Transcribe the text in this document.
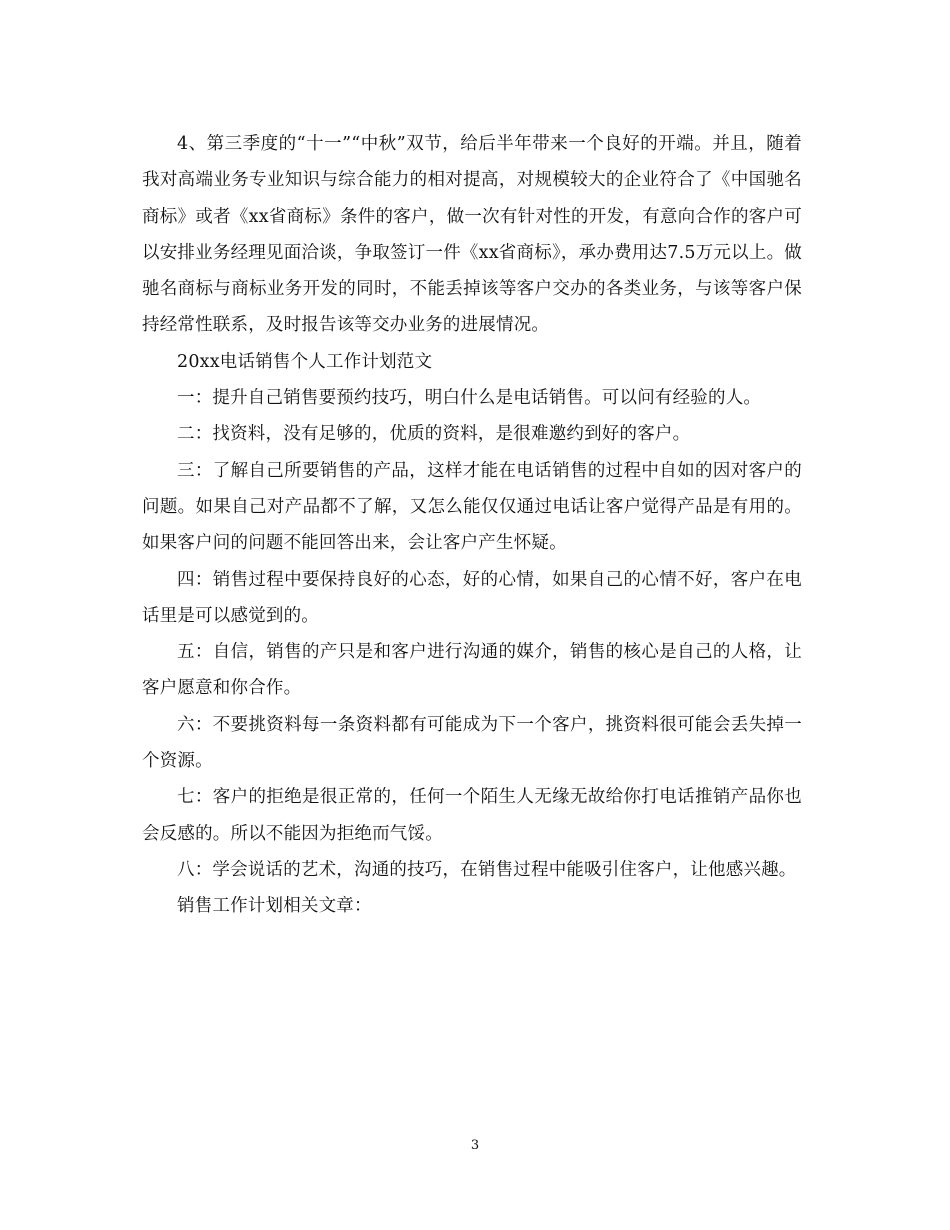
4、第三季度的“十一”“中秋”双节，给后半年带来一个良好的开端。并且，随着我对高端业务专业知识与综合能力的相对提高，对规模较大的企业符合了《中国驰名商标》或者《xx省商标》条件的客户，做一次有针对性的开发，有意向合作的客户可以安排业务经理见面洽谈，争取签订一件《xx省商标》，承办费用达7.5万元以上。做驰名商标与商标业务开发的同时，不能丢掉该等客户交办的各类业务，与该等客户保持经常性联系，及时报告该等交办业务的进展情况。

20xx电话销售个人工作计划范文

一：提升自己销售要预约技巧，明白什么是电话销售。可以问有经验的人。

二：找资料，没有足够的，优质的资料，是很难邀约到好的客户。

三：了解自己所要销售的产品，这样才能在电话销售的过程中自如的因对客户的问题。如果自己对产品都不了解，又怎么能仅仅通过电话让客户觉得产品是有用的。如果客户问的问题不能回答出来，会让客户产生怀疑。

四：销售过程中要保持良好的心态，好的心情，如果自己的心情不好，客户在电话里是可以感觉到的。

五：自信，销售的产只是和客户进行沟通的媒介，销售的核心是自己的人格，让客户愿意和你合作。

六：不要挑资料每一条资料都有可能成为下一个客户，挑资料很可能会丢失掉一个资源。

七：客户的拒绝是很正常的，任何一个陌生人无缘无故给你打电话推销产品你也会反感的。所以不能因为拒绝而气馁。

八：学会说话的艺术，沟通的技巧，在销售过程中能吸引住客户，让他感兴趣。

销售工作计划相关文章：

3
